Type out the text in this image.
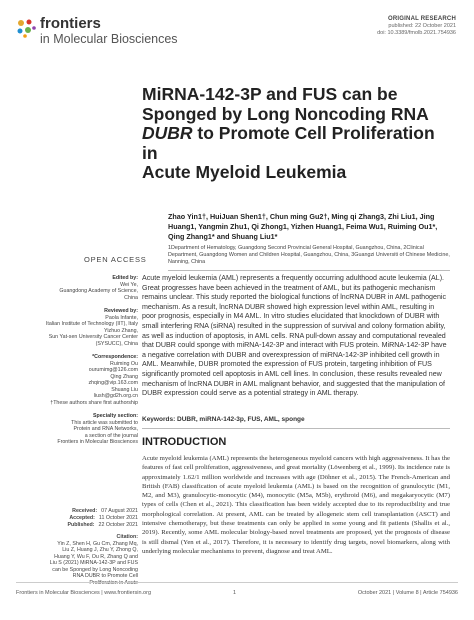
frontiers
in Molecular Biosciences
ORIGINAL RESEARCH
published: 22 October 2021
doi: 10.3389/fmolb.2021.754936
MiRNA-142-3P and FUS can be
Sponged by Long Noncoding RNA
DUBR to Promote Cell Proliferation in
Acute Myeloid Leukemia
Zhao Yin1†, HuiJuan Shen1†, Chun ming Gu2†, Ming qi Zhang3, Zhi Liu1, Jing Huang1, Yangmin Zhu1, Qi Zhong1, Yizhen Huang1, Feima Wu1, Ruiming Ou1*, Qing Zhang1* and Shuang Liu1*
1Department of Hematology, Guangdong Second Provincial General Hospital, Guangzhou, China, 2Clinical Department, Guangdong Women and Children Hospital, Guangzhou, China, 3Guangzi Universiti of Chinese Medicine, Nanning, China
OPEN ACCESS
Edited by:
Wei Ye,
Guangdong Academy of Science,
China
Reviewed by:
Paola Infante,
Italian Institute of Technology (IIT), Italy
Yizhuo Zhang,
Sun Yat-sen University Cancer Center
(SYSUCC), China
*Correspondence:
Ruiming Ou
ourumimg@126.com
Qing Zhang
zhqing@vip.163.com
Shuang Liu
liush@gd2h.org.cn
†These authors share first authorship
Specialty section:
This article was submitted to
Protein and RNA Networks,
a section of the journal
Frontiers in Molecular Biosciences
Received: 07 August 2021
Accepted: 11 October 2021
Published: 22 October 2021
Citation:
Yin Z, Shen H, Gu Cm, Zhang Mq,
Liu Z, Huang J, Zhu Y, Zhong Q,
Huang Y, Wu F, Ou R, Zhang Q and
Liu S (2021) MiRNA-142-3P and FUS
can be Sponged by Long Noncoding
RNA DUBR to Promote Cell
Acute myeloid leukemia (AML) represents a frequently occurring adulthood acute leukemia (AL). Great progresses have been achieved in the treatment of AML, but its pathogenic mechanism remains unclear. This study reported the biological functions of lncRNA DUBR in AML pathogenic mechanism. As a result, lncRNA DUBR showed high expression level within AML, resulting in poor prognosis, especially in M4 AML. In vitro studies elucidated that knockdown of DUBR with small interfering RNA (siRNA) resulted in the suppression of survival and colony formation ability, as well as induction of apoptosis, in AML cells. RNA pull-down assay and computational revealed that DUBR could sponge with miRNA-142-3P and interact with FUS protein. MiRNA-142-3P have a negative correlation with DUBR and overexpression of miRNA-142-3P inhibited cell growth in AML. Meanwhile, DUBR promoted the expression of FUS protein, targeting inhibition of FUS significantly promoted cell apoptosis in AML cell lines. In conclusion, these results revealed new mechanism of lncRNA DUBR in AML malignant behavior, and suggested that the manipulation of DUBR expression could serve as a potential strategy in AML therapy.
Keywords: DUBR, miRNA-142-3p, FUS, AML, sponge
INTRODUCTION
Acute myeloid leukemia (AML) represents the heterogeneous myeloid cancers with high aggressiveness. It has the features of fast cell proliferation, aggressiveness, and great mortality (Löwenberg et al., 1999). Its incidence rate is approximately 1.62/1 million worldwide and increases with age (Döhner et al., 2015). The French-American and British (FAB) classification of acute myeloid leukemia (AML) is based on the recognition of granulocytic (M1, M2, and M3), granulocytic-monocytic (M4), monocytic (M5a, M5b), erythroid (M6), and megakaryocytic (M7) types of cells (Chen et al., 2021). This classification has been widely accepted due to its reproducibility and true morphological correlation. At present, AML can be treated by allogeneic stem cell transplantation (ASCT) and intensive chemotherapy, but these treatments can only be applied in some young and fit patients (Shallis et al., 2019). Recently, some AML molecular biology-based novel treatments are proposed, yet the prognosis of disease is still dismal (Yen et al., 2017). Therefore, it is necessary to identify drug targets, novel biomarkers, along with underlying molecular mechanisms to prevent, diagnose and treat AML.
Frontiers in Molecular Biosciences | www.frontiersin.org	1	October 2021 | Volume 8 | Article 754936
